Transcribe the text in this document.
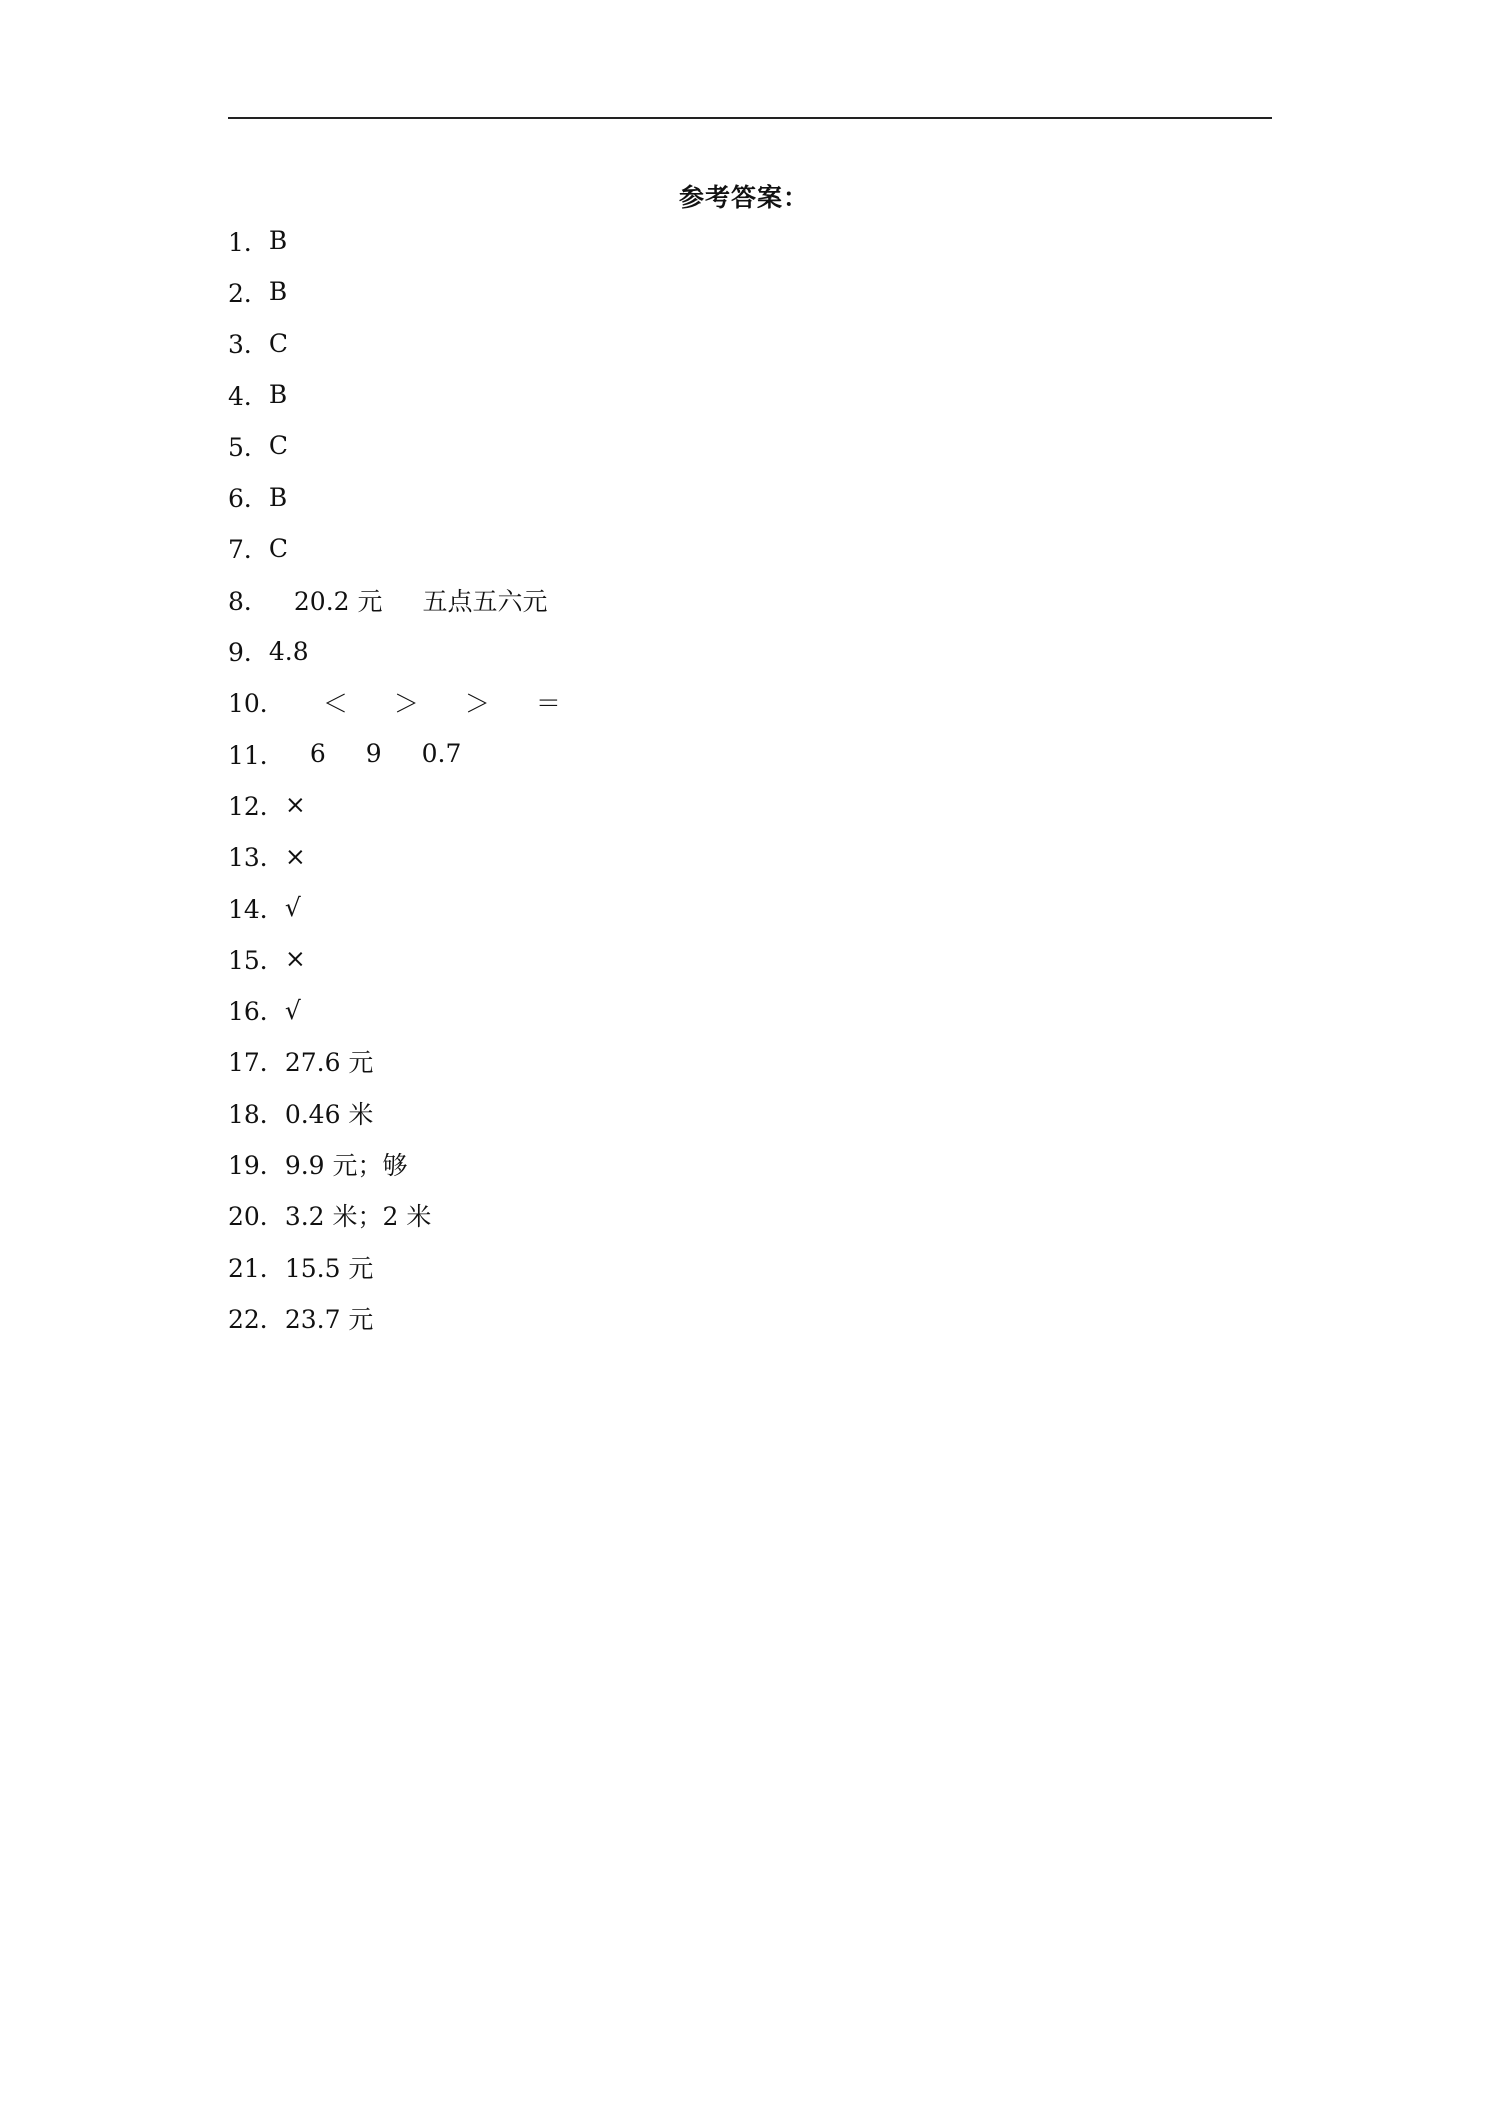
参考答案：
1． B
2． B
3． C
4． B
5． C
6． B
7． C
8． 20.2 元 五点五六元
9． 4.8
10． ＜ ＞ ＞ ＝
11． 6 9 0.7
12． ×
13． ×
14． √
15． ×
16． √
17． 27.6 元
18． 0.46 米
19． 9.9 元；够
20． 3.2 米；2 米
21． 15.5 元
22． 23.7 元
